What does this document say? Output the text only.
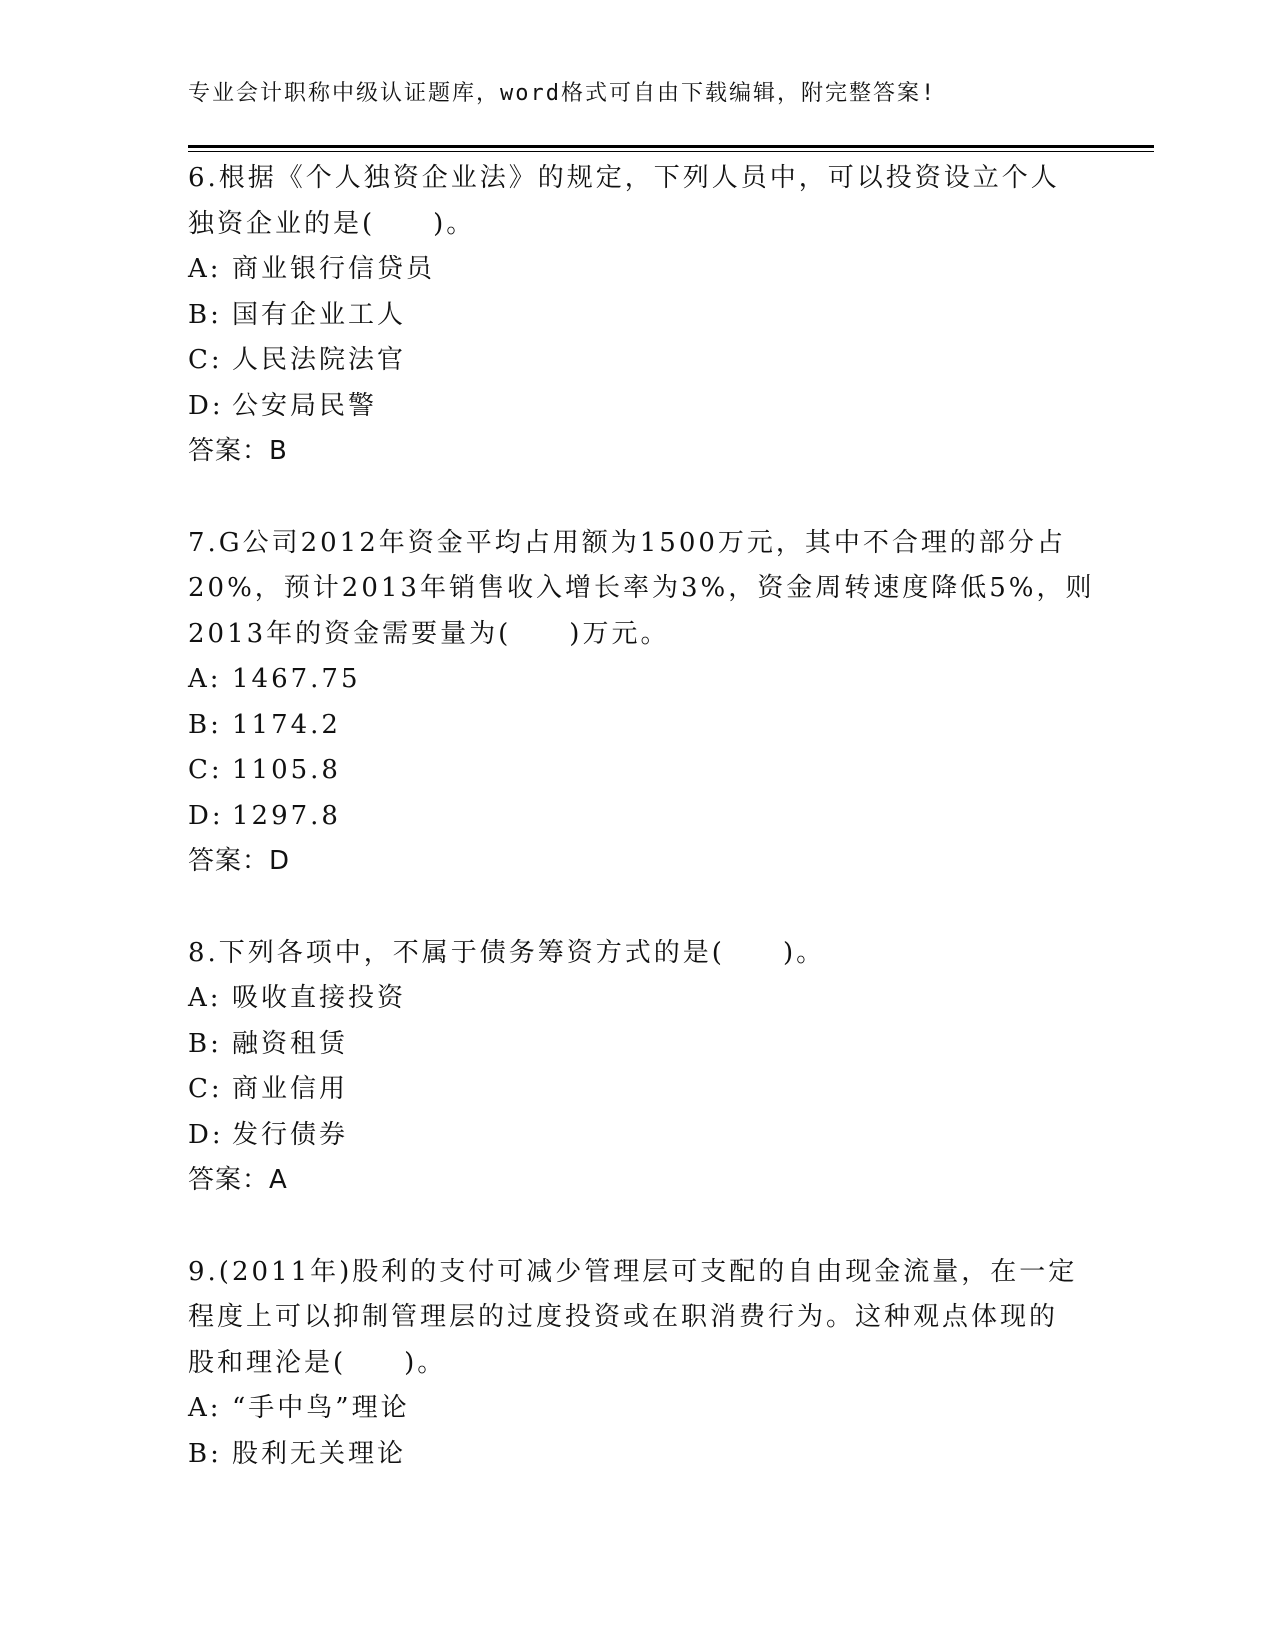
专业会计职称中级认证题库，word格式可自由下载编辑，附完整答案!
6.根据《个人独资企业法》的规定，下列人员中，可以投资设立个人
独资企业的是(　　)。
A: 商业银行信贷员
B: 国有企业工人
C: 人民法院法官
D: 公安局民警
答案：B
7.G公司2012年资金平均占用额为1500万元，其中不合理的部分占
20%，预计2013年销售收入增长率为3%，资金周转速度降低5%，则
2013年的资金需要量为(　　)万元。
A: 1467.75
B: 1174.2
C: 1105.8
D: 1297.8
答案：D
8.下列各项中，不属于债务筹资方式的是(　　)。
A: 吸收直接投资
B: 融资租赁
C: 商业信用
D: 发行债券
答案：A
9.(2011年)股利的支付可减少管理层可支配的自由现金流量，在一定
程度上可以抑制管理层的过度投资或在职消费行为。这种观点体现的
股和理沦是(　　)。
A: “手中鸟”理论
B: 股利无关理论
